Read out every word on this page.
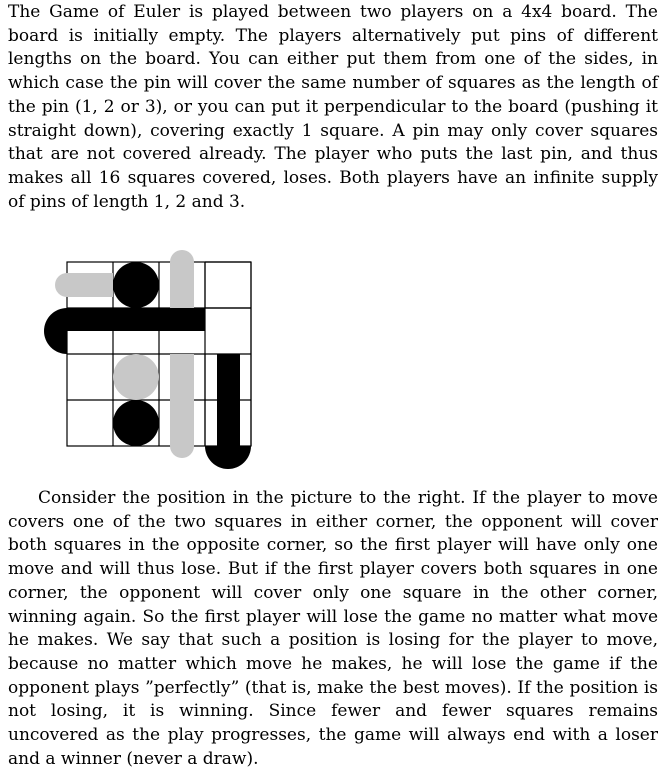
The Game of Euler is played between two players on a 4x4 board. The board is initially empty. The players alternatively put pins of different lengths on the board. You can either put them from one of the sides, in which case the pin will cover the same number of squares as the length of the pin (1, 2 or 3), or you can put it perpendicular to the board (pushing it straight down), covering exactly 1 square. A pin may only cover squares that are not covered already. The player who puts the last pin, and thus makes all 16 squares covered, loses. Both players have an infinite supply of pins of length 1, 2 and 3.

Consider the position in the picture to the right. If the player to move covers one of the two squares in either corner, the opponent will cover both squares in the opposite corner, so the first player will have only one move and will thus lose. But if the first player covers both squares in one corner, the opponent will cover only one square in the other corner, winning again. So the first player will lose the game no matter what move he makes. We say that such a position is losing for the player to move, because no matter which move he makes, he will lose the game if the opponent plays ”perfectly” (that is, make the best moves). If the position is not losing, it is winning. Since fewer and fewer squares remains uncovered as the play progresses, the game will always end with a loser and a winner (never a draw).
